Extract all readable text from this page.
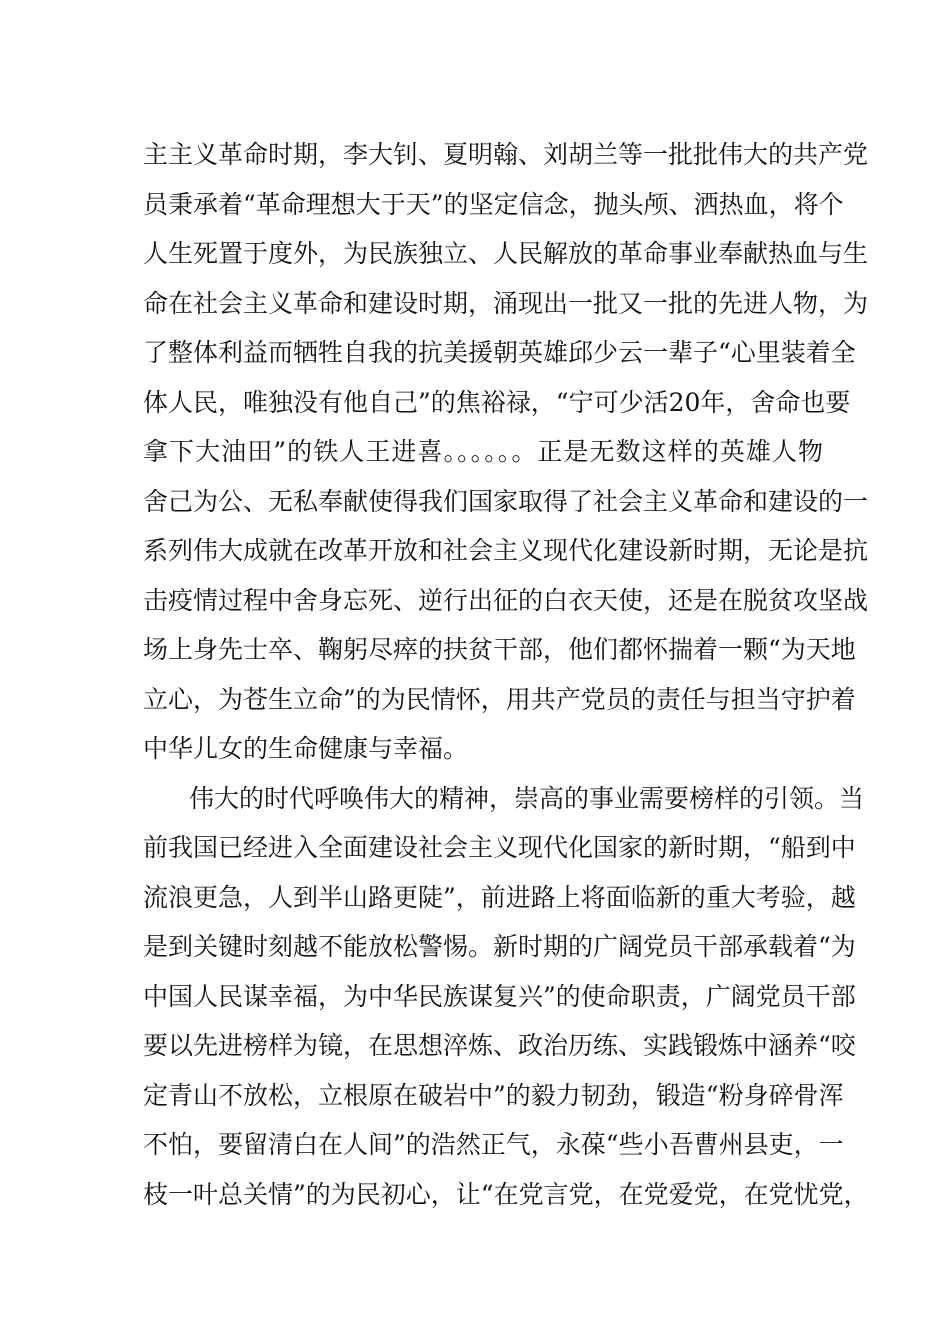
主主义革命时期，李大钊、夏明翰、刘胡兰等一批批伟大的共产党
员秉承着“革命理想大于天”的坚定信念，抛头颅、洒热血，将个
人生死置于度外，为民族独立、人民解放的革命事业奉献热血与生
命在社会主义革命和建设时期，涌现出一批又一批的先进人物，为
了整体利益而牺牲自我的抗美援朝英雄邱少云一辈子“心里装着全
体人民，唯独没有他自己”的焦裕禄，“宁可少活20年，舍命也要
拿下大油田”的铁人王进喜。。。。。。正是无数这样的英雄人物
舍己为公、无私奉献使得我们国家取得了社会主义革命和建设的一
系列伟大成就在改革开放和社会主义现代化建设新时期，无论是抗
击疫情过程中舍身忘死、逆行出征的白衣天使，还是在脱贫攻坚战
场上身先士卒、鞠躬尽瘁的扶贫干部，他们都怀揣着一颗“为天地
立心，为苍生立命”的为民情怀，用共产党员的责任与担当守护着
中华儿女的生命健康与幸福。
伟大的时代呼唤伟大的精神，崇高的事业需要榜样的引领。当
前我国已经进入全面建设社会主义现代化国家的新时期，“船到中
流浪更急，人到半山路更陡”，前进路上将面临新的重大考验，越
是到关键时刻越不能放松警惕。新时期的广阔党员干部承载着“为
中国人民谋幸福，为中华民族谋复兴”的使命职责，广阔党员干部
要以先进榜样为镜，在思想淬炼、政治历练、实践锻炼中涵养“咬
定青山不放松，立根原在破岩中”的毅力韧劲，锻造“粉身碎骨浑
不怕，要留清白在人间”的浩然正气，永葆“些小吾曹州县吏，一
枝一叶总关情”的为民初心，让“在党言党，在党爱党，在党忧党，
